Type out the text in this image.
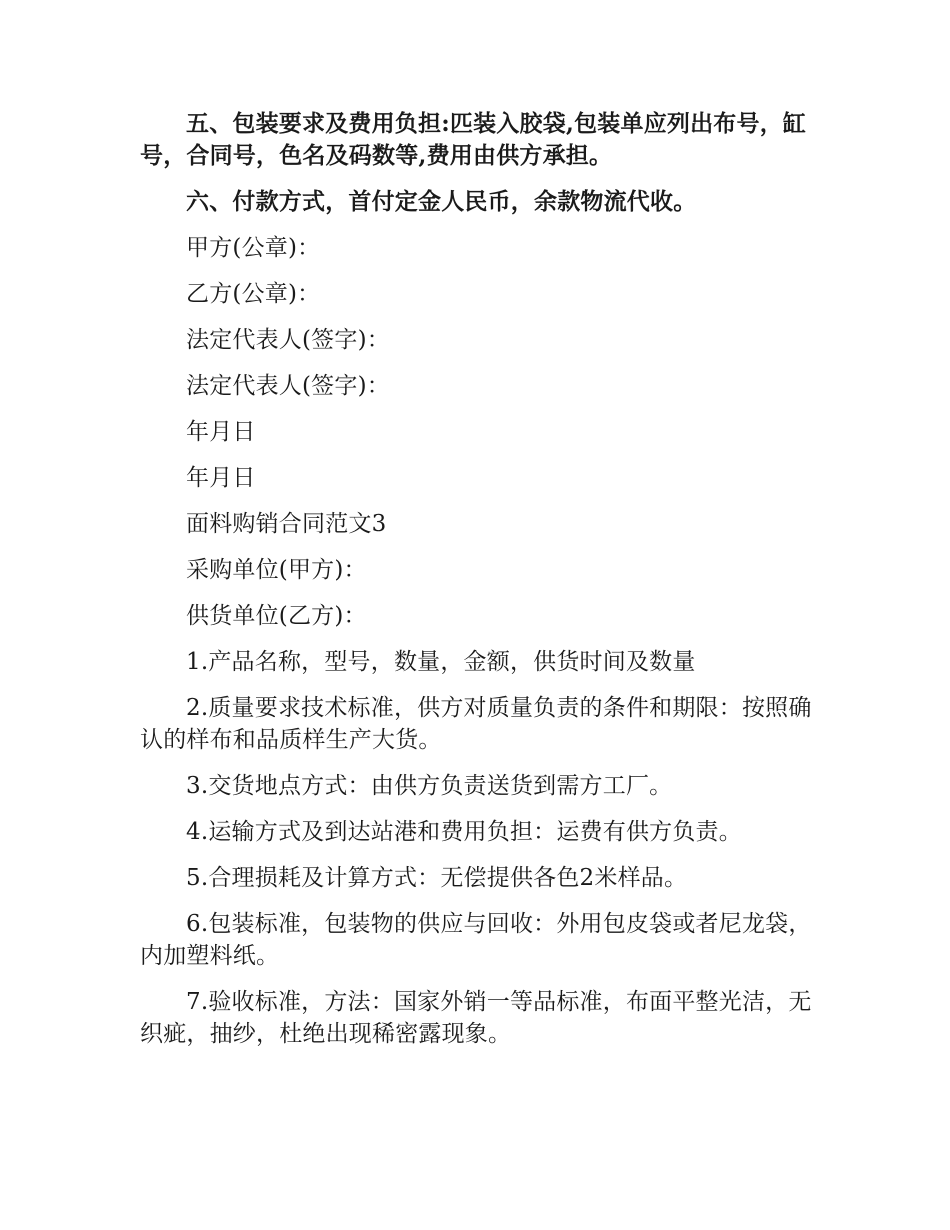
五、包装要求及费用负担:匹装入胶袋,包装单应列出布号，缸号，合同号，色名及码数等,费用由供方承担。

六、付款方式，首付定金人民币，余款物流代收。

甲方(公章)：

乙方(公章)：

法定代表人(签字)：

法定代表人(签字)：

年月日

年月日

面料购销合同范文3

采购单位(甲方)：

供货单位(乙方)：

1.产品名称，型号，数量，金额，供货时间及数量

2.质量要求技术标准，供方对质量负责的条件和期限：按照确认的样布和品质样生产大货。

3.交货地点方式：由供方负责送货到需方工厂。

4.运输方式及到达站港和费用负担：运费有供方负责。

5.合理损耗及计算方式：无偿提供各色2米样品。

6.包装标准，包装物的供应与回收：外用包皮袋或者尼龙袋，内加塑料纸。

7.验收标准，方法：国家外销一等品标准，布面平整光洁，无织疵，抽纱，杜绝出现稀密露现象。
